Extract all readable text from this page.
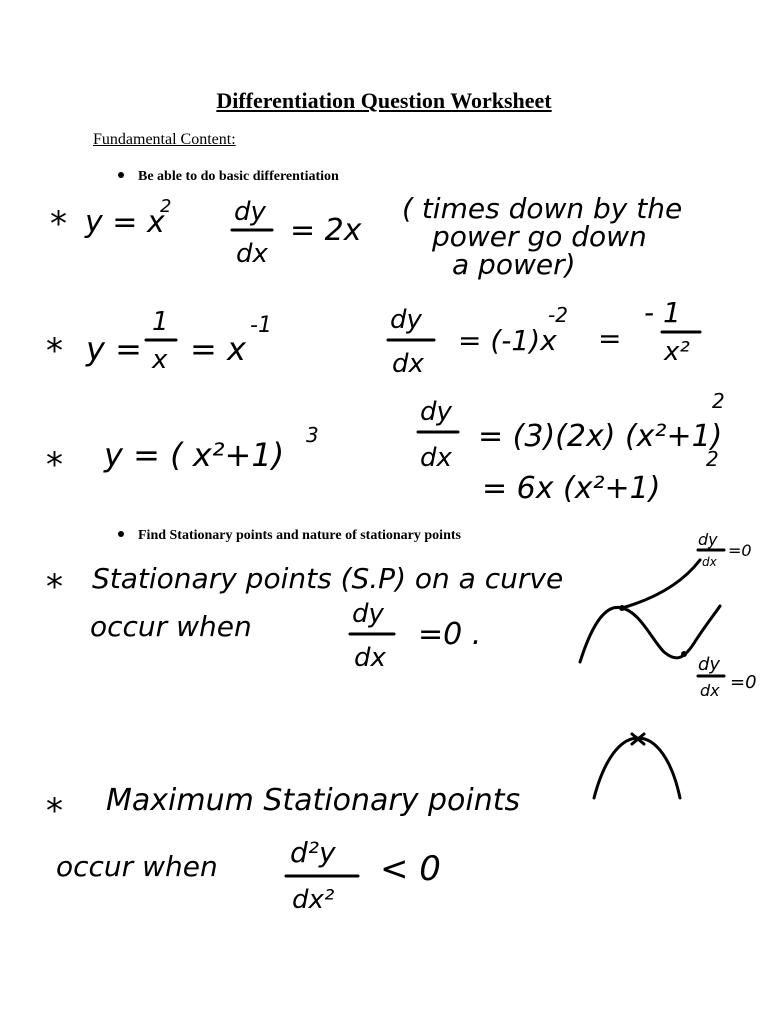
Differentiation Question Worksheet
Fundamental Content:
Be able to do basic differentiation
Find Stationary points and nature of stationary points
* y = x
2 dy
dx
= 2x
( times down by the
power go down
a power)
* y =
1
x = x
-1	dy
dx
= (-1)x
-2
=
- 1
x²
* y = ( x²+1)
3
dy
dx
= (3)(2x) (x²+1)
2
= 6x (x²+1)
2
* Stationary points (S.P) on a curve
occur when	dy
dx
=0 .
dy
dx
=0
dy
dx =0
* Maximum Stationary points
occur when	d²y
dx²
< 0
